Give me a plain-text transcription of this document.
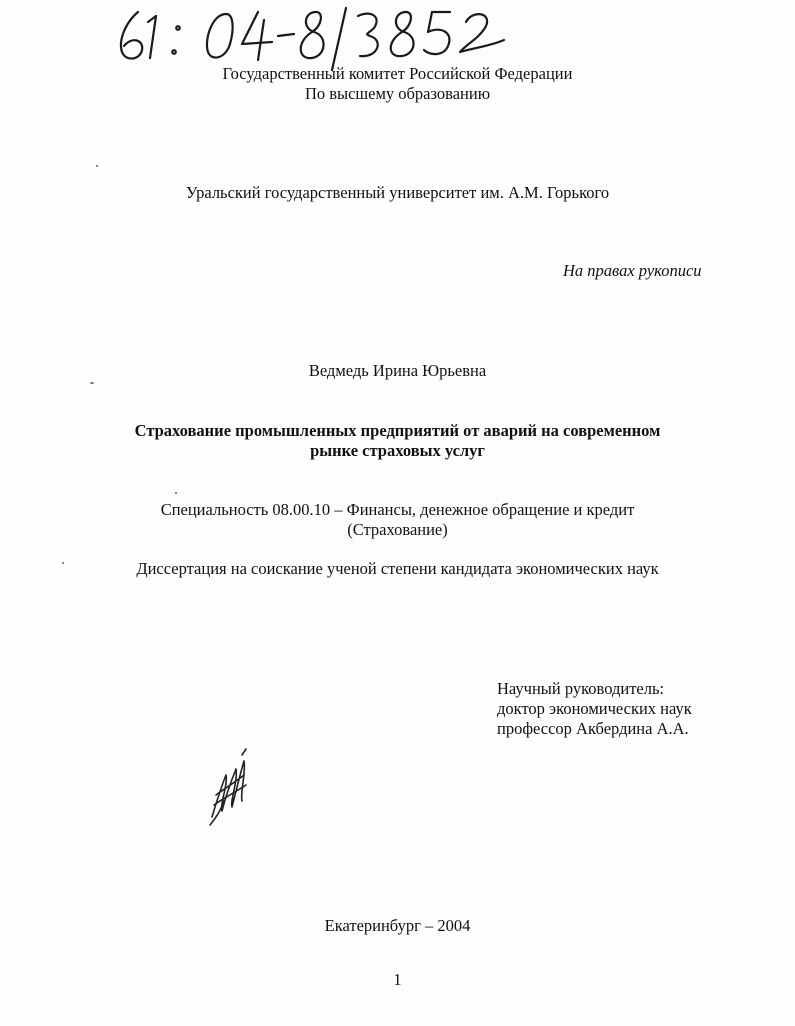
Государственный комитет Российской Федерации
По высшему образованию
Уральский государственный университет им. А.М. Горького
На правах рукописи
Ведмедь Ирина Юрьевна
Страхование промышленных предприятий от аварий на современном
рынке страховых услуг
Специальность 08.00.10 – Финансы, денежное обращение и кредит
(Страхование)
Диссертация на соискание ученой степени кандидата экономических наук
Научный руководитель:
доктор экономических наук
профессор Акбердина А.А.
Екатеринбург – 2004
1
